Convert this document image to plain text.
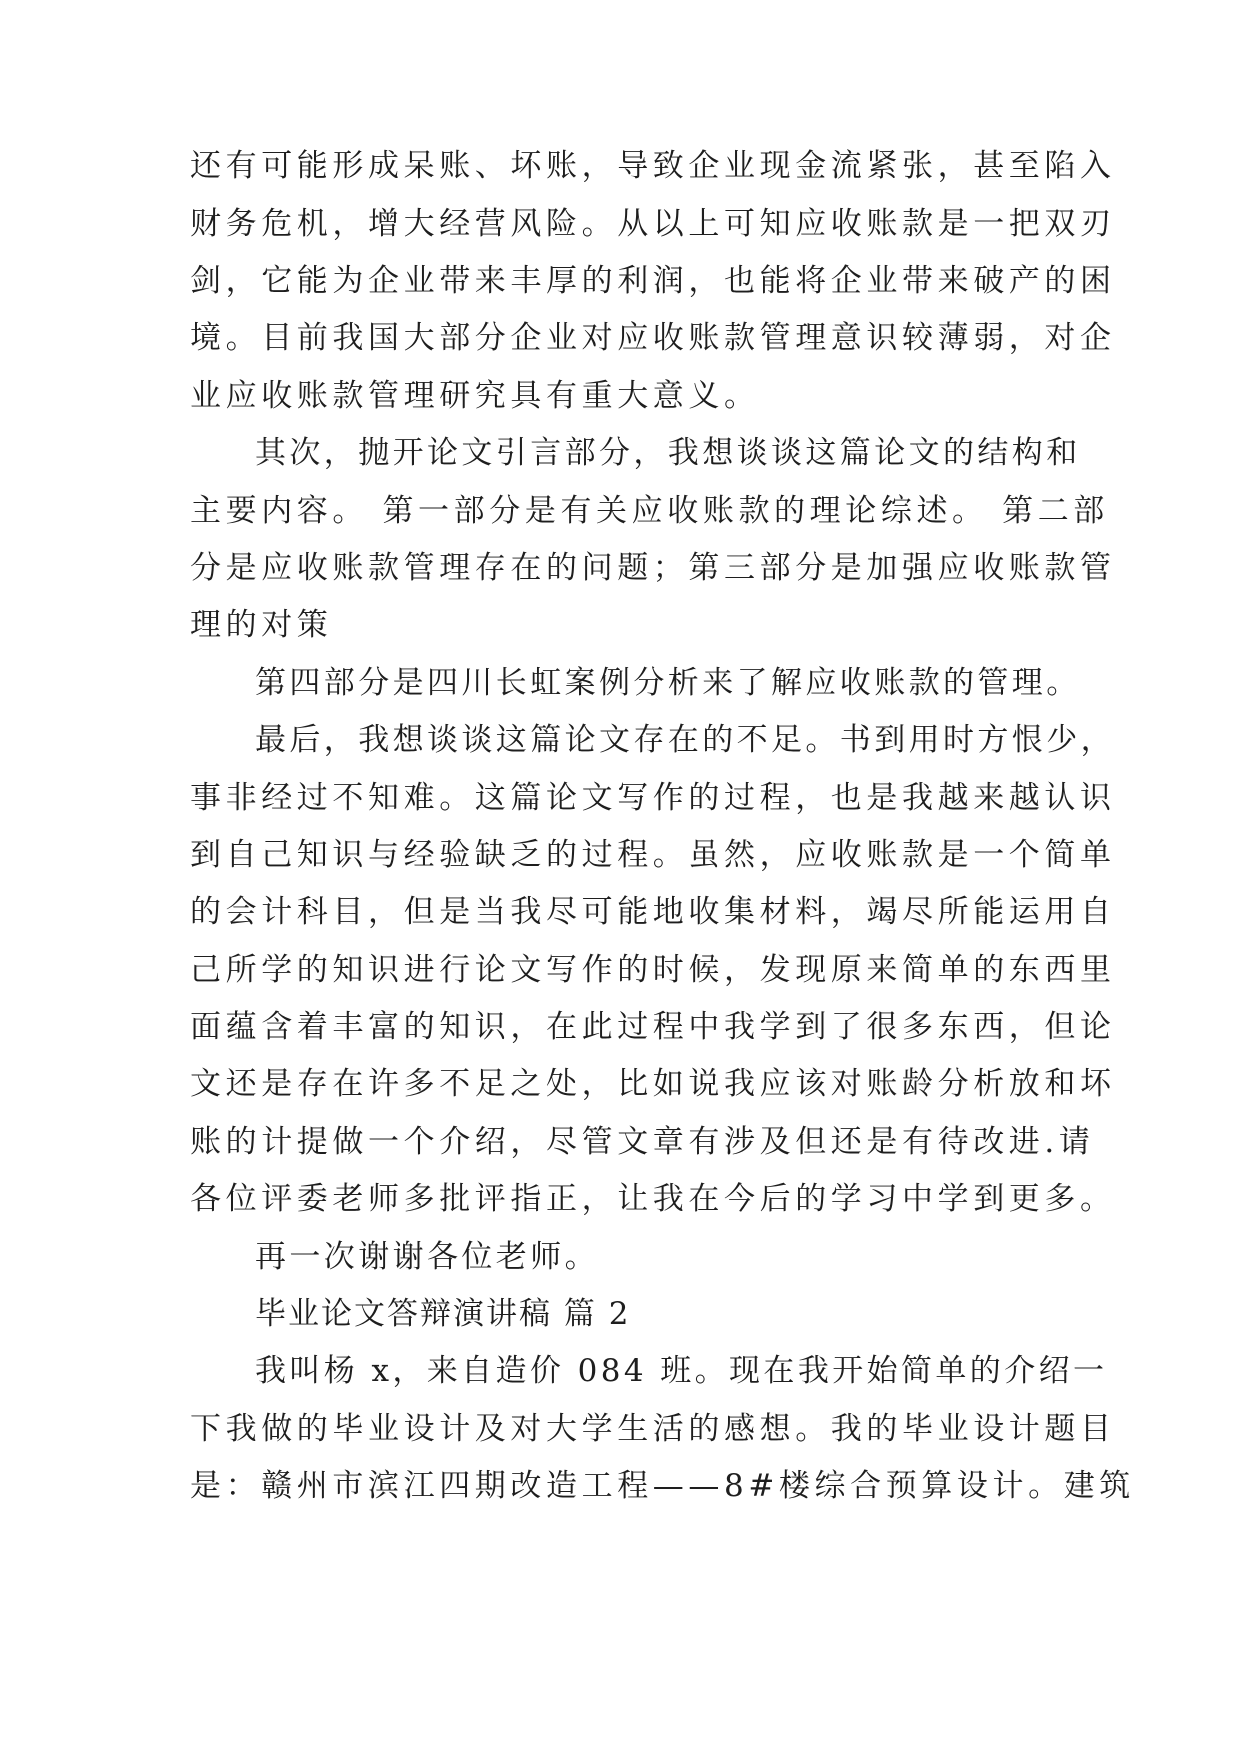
还有可能形成呆账、坏账，导致企业现金流紧张，甚至陷入

财务危机，增大经营风险。从以上可知应收账款是一把双刃

剑，它能为企业带来丰厚的利润，也能将企业带来破产的困

境。目前我国大部分企业对应收账款管理意识较薄弱，对企

业应收账款管理研究具有重大意义。

其次，抛开论文引言部分，我想谈谈这篇论文的结构和

主要内容。 第一部分是有关应收账款的理论综述。 第二部

分是应收账款管理存在的问题；第三部分是加强应收账款管

理的对策

第四部分是四川长虹案例分析来了解应收账款的管理。

最后，我想谈谈这篇论文存在的不足。书到用时方恨少，

事非经过不知难。这篇论文写作的过程，也是我越来越认识

到自己知识与经验缺乏的过程。虽然，应收账款是一个简单

的会计科目，但是当我尽可能地收集材料，竭尽所能运用自

己所学的知识进行论文写作的时候，发现原来简单的东西里

面蕴含着丰富的知识，在此过程中我学到了很多东西，但论

文还是存在许多不足之处，比如说我应该对账龄分析放和坏

账的计提做一个介绍，尽管文章有涉及但还是有待改进.请

各位评委老师多批评指正，让我在今后的学习中学到更多。

再一次谢谢各位老师。

毕业论文答辩演讲稿 篇 2

我叫杨 x，来自造价 084 班。现在我开始简单的介绍一

下我做的毕业设计及对大学生活的感想。我的毕业设计题目

是：赣州市滨江四期改造工程——8#楼综合预算设计。建筑
